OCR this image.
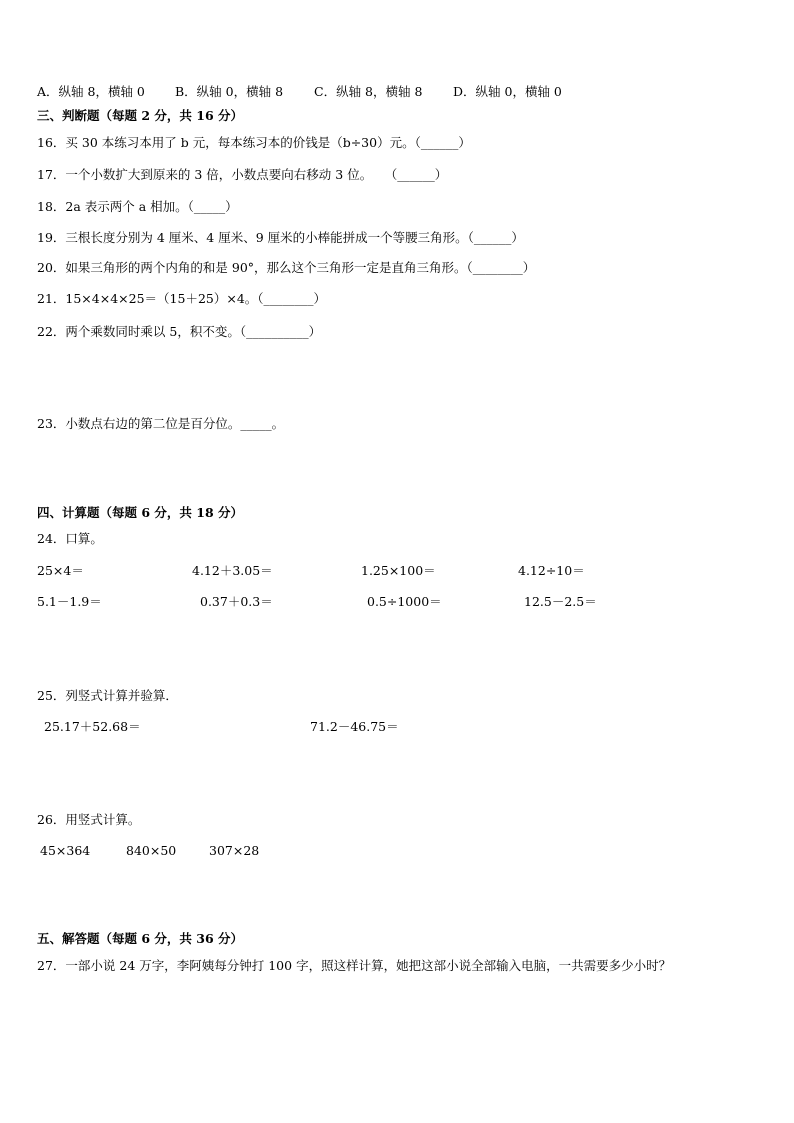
A．纵轴 8，横轴 0 B．纵轴 0，横轴 8 C．纵轴 8，横轴 8 D．纵轴 0，横轴 0
三、判断题（每题 2 分，共 16 分）
16．买 30 本练习本用了 b 元，每本练习本的价钱是（b÷30）元。（______）
17．一个小数扩大到原来的 3 倍，小数点要向右移动 3 位。　　（______）
18．2a 表示两个 a 相加。（_____）
19．三根长度分别为 4 厘米、4 厘米、9 厘米的小棒能拼成一个等腰三角形。（______）
20．如果三角形的两个内角的和是 90°，那么这个三角形一定是直角三角形。（________）
21．15×4×4×25＝（15＋25）×4。（________）
22．两个乘数同时乘以 5，积不变。（__________）
23．小数点右边的第二位是百分位。_____。
四、计算题（每题 6 分，共 18 分）
24．口算。
25×4＝	4.12＋3.05＝	1.25×100＝	4.12÷10＝
5.1－1.9＝	0.37＋0.3＝	0.5÷1000＝	12.5－2.5＝
25．列竖式计算并验算．
25.17＋52.68＝	71.2－46.75＝
26．用竖式计算。
45×364	840×50	307×28
五、解答题（每题 6 分，共 36 分）
27．一部小说 24 万字，李阿姨每分钟打 100 字，照这样计算，她把这部小说全部输入电脑，一共需要多少小时？
